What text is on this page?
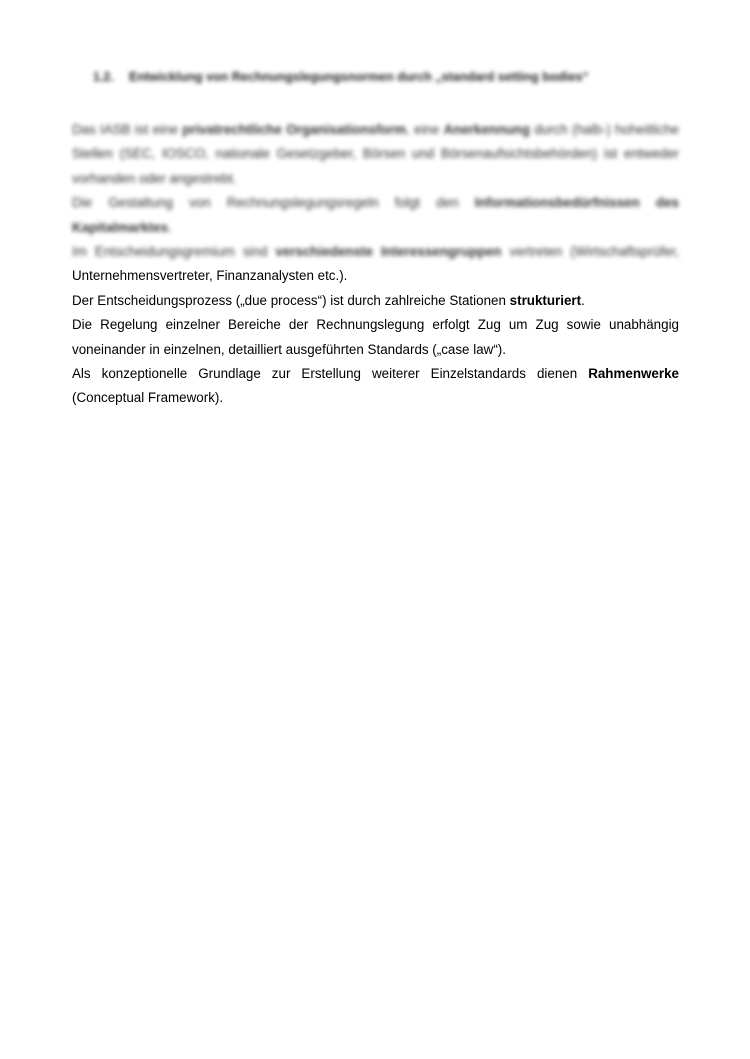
1.2. Entwicklung von Rechnungslegungsnormen durch „standard setting bodies“

Das IASB ist eine privatrechtliche Organisationsform, eine Anerkennung durch (halb-) hoheitliche Stellen (SEC, IOSCO, nationale Gesetzgeber, Börsen und Börsenaufsichtsbehörden) ist entweder vorhanden oder angestrebt.

Die Gestaltung von Rechnungslegungsregeln folgt den Informationsbedürfnissen des Kapitalmarktes.

Im Entscheidungsgremium sind verschiedenste Interessengruppen vertreten (Wirtschaftsprüfer,
Unternehmensvertreter, Finanzanalysten etc.).

Der Entscheidungsprozess („due process“) ist durch zahlreiche Stationen strukturiert.

Die Regelung einzelner Bereiche der Rechnungslegung erfolgt Zug um Zug sowie unabhängig
voneinander in einzelnen, detailliert ausgeführten Standards („case law“).

Als konzeptionelle Grundlage zur Erstellung weiterer Einzelstandards dienen Rahmenwerke
(Conceptual Framework).
